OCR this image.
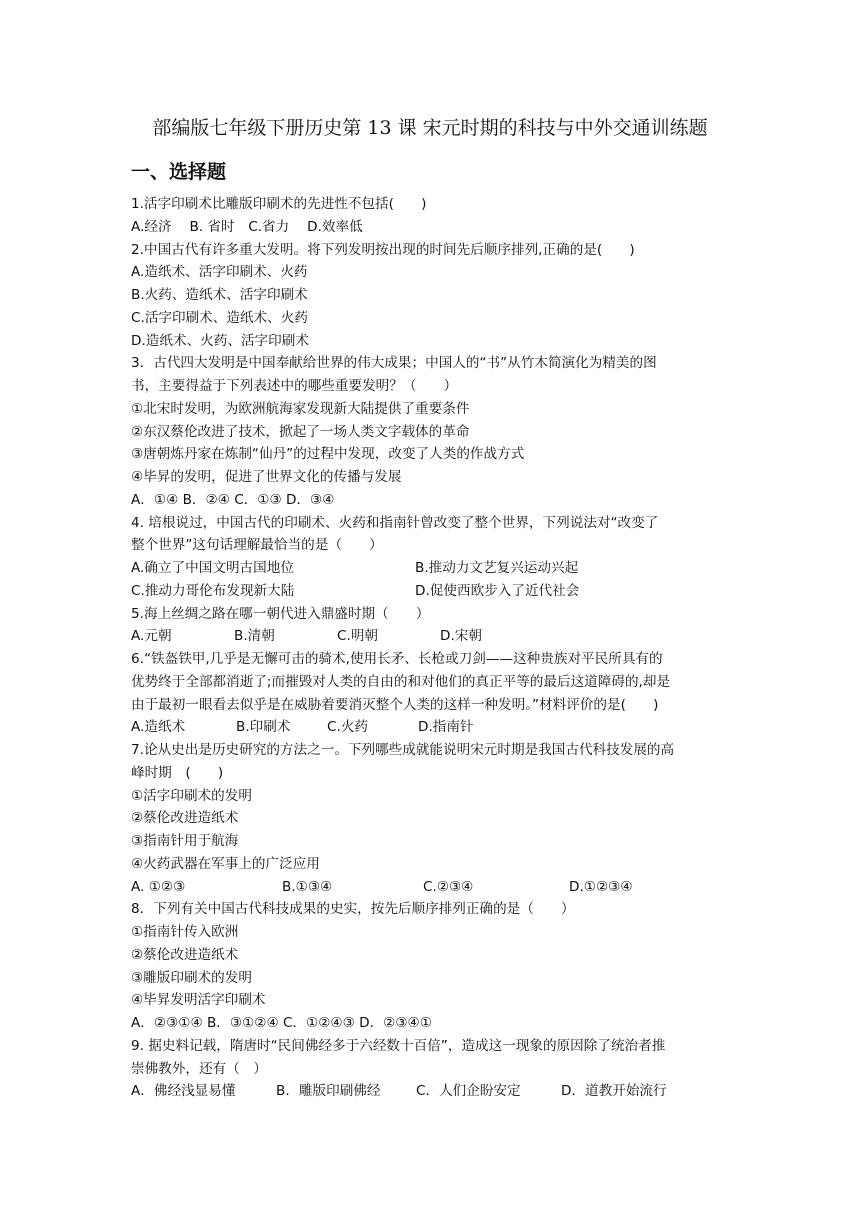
部编版七年级下册历史第 13 课 宋元时期的科技与中外交通训练题
一、选择题
1.活字印刷术比雕版印刷术的先进性不包括(　　)
A.经济　 B. 省时　C.省力　 D.效率低
2.中国古代有许多重大发明。将下列发明按出现的时间先后顺序排列,正确的是(　　)
A.造纸术、活字印刷术、火药
B.火药、造纸术、活字印刷术
C.活字印刷术、造纸术、火药
D.造纸术、火药、活字印刷术
3．古代四大发明是中国奉献给世界的伟大成果；中国人的“书”从竹木简演化为精美的图
书，主要得益于下列表述中的哪些重要发明？（　　）
①北宋时发明，为欧洲航海家发现新大陆提供了重要条件
②东汉蔡伦改进了技术，掀起了一场人类文字载体的革命
③唐朝炼丹家在炼制“仙丹”的过程中发现，改变了人类的作战方式
④毕昇的发明，促进了世界文化的传播与发展
A．①④ B．②④ C．①③ D．③④
4. 培根说过，中国古代的印刷术、火药和指南针曾改变了整个世界，下列说法对“改变了
整个世界”这句话理解最恰当的是（　　）
A.确立了中国文明古国地位	B.推动力文艺复兴运动兴起
C.推动力哥伦布发现新大陆	D.促使西欧步入了近代社会
5.海上丝绸之路在哪一朝代进入鼎盛时期（　　）
A.元朝	B.清朝	C.明朝	D.宋朝
6.“铁盔铁甲,几乎是无懈可击的骑术,使用长矛、长枪或刀剑——这种贵族对平民所具有的
优势终于全部都消逝了;而摧毁对人类的自由的和对他们的真正平等的最后这道障碍的,却是
由于最初一眼看去似乎是在威胁着要消灭整个人类的这样一种发明。”材料评价的是(　　)
A.造纸术	B.印刷术	C.火药	D.指南针
7.论从史出是历史研究的方法之一。下列哪些成就能说明宋元时期是我国古代科技发展的高
峰时期　(　　)
①活字印刷术的发明
②蔡伦改进造纸术
③指南针用于航海
④火药武器在军事上的广泛应用
A. ①②③	B.①③④	C.②③④	D.①②③④
8．下列有关中国古代科技成果的史实，按先后顺序排列正确的是（　　）
①指南针传入欧洲
②蔡伦改进造纸术
③雕版印刷术的发明
④毕昇发明活字印刷术
A．②③①④ B．③①②④ C．①②④③ D．②③④①
9. 据史料记载，隋唐时“民间佛经多于六经数十百倍”，造成这一现象的原因除了统治者推
崇佛教外，还有（　）
A．佛经浅显易懂	B．雕版印刷佛经	C．人们企盼安定	D．道教开始流行
